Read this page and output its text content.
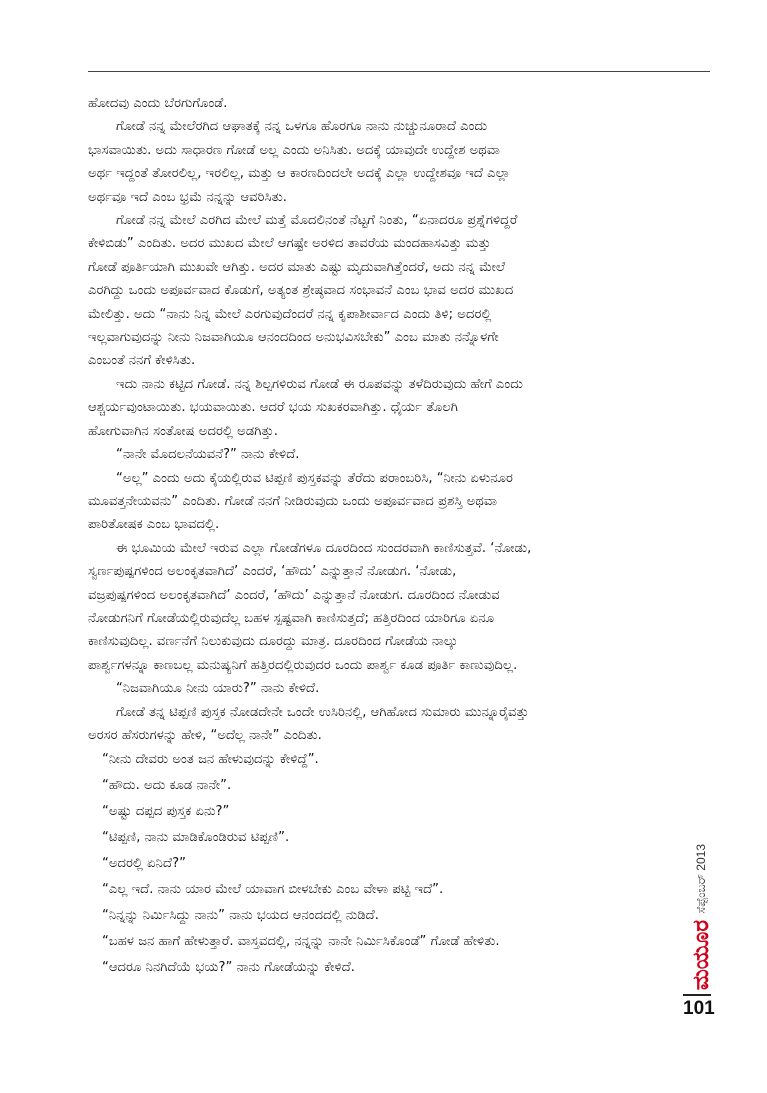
ಹೋದವು ಎಂದು ಬೆರಗುಗೊಂಡೆ.

ಗೋಡೆ ನನ್ನ ಮೇಲೆರಗಿದ ಆಘಾತಕ್ಕೆ ನನ್ನ ಒಳಗೂ ಹೊರಗೂ ನಾನು ನುಚ್ಚುನೂರಾದೆ ಎಂದು

ಭಾಸವಾಯಿತು. ಅದು ಸಾಧಾರಣ ಗೋಡೆ ಅಲ್ಲ ಎಂದು ಅನಿಸಿತು. ಅದಕ್ಕೆ ಯಾವುದೇ ಉದ್ದೇಶ ಅಥವಾ

ಅರ್ಥ ಇದ್ದಂತೆ ತೋರಲಿಲ್ಲ, ಇರಲಿಲ್ಲ, ಮತ್ತು ಆ ಕಾರಣದಿಂದಲೇ ಅದಕ್ಕೆ ಎಲ್ಲಾ ಉದ್ದೇಶವೂ ಇದೆ ಎಲ್ಲಾ

ಅರ್ಥವೂ ಇದೆ ಎಂಬ ಭ್ರಮೆ ನನ್ನನ್ನು ಆವರಿಸಿತು.

ಗೋಡೆ ನನ್ನ ಮೇಲೆ ಎರಗಿದ ಮೇಲೆ ಮತ್ತೆ ಮೊದಲಿನಂತೆ ನೆಟ್ಟಗೆ ನಿಂತು, “ಏನಾದರೂ ಪ್ರಶ್ನೆಗಳಿದ್ದರೆ

ಕೇಳಿಬಿಡು” ಎಂದಿತು. ಅದರ ಮುಖದ ಮೇಲೆ ಆಗಷ್ಟೇ ಅರಳಿದ ತಾವರೆಯ ಮಂದಹಾಸವಿತ್ತು ಮತ್ತು

ಗೋಡೆ ಪೂರ್ತಿಯಾಗಿ ಮುಖವೇ ಆಗಿತ್ತು. ಅದರ ಮಾತು ಎಷ್ಟು ಮೃದುವಾಗಿತ್ತೆಂದರೆ, ಅದು ನನ್ನ ಮೇಲೆ

ಎರಗಿದ್ದು ಒಂದು ಅಪೂರ್ವವಾದ ಕೊಡುಗೆ, ಅತ್ಯಂತ ಶ್ರೇಷ್ಠವಾದ ಸಂಭಾವನೆ ಎಂಬ ಭಾವ ಅದರ ಮುಖದ

ಮೇಲಿತ್ತು. ಅದು “ನಾನು ನಿನ್ನ ಮೇಲೆ ಎರಗುವುದೆಂದರೆ ನನ್ನ ಕೃಪಾಶೀರ್ವಾದ ಎಂದು ತಿಳಿ; ಅದರಲ್ಲಿ

ಇಲ್ಲವಾಗುವುದನ್ನು ನೀನು ನಿಜವಾಗಿಯೂ ಆನಂದದಿಂದ ಅನುಭವಿಸಬೇಕು” ಎಂಬ ಮಾತು ನನ್ನೊಳಗೇ

ಎಂಬಂತೆ ನನಗೆ ಕೇಳಿಸಿತು.

ಇದು ನಾನು ಕಟ್ಟಿದ ಗೋಡೆ. ನನ್ನ ಶಿಲ್ಪಗಳಿರುವ ಗೋಡೆ ಈ ರೂಪವನ್ನು ತಳೆದಿರುವುದು ಹೇಗೆ ಎಂದು

ಆಶ್ಚರ್ಯವುಂಟಾಯಿತು. ಭಯವಾಯಿತು. ಆದರೆ ಭಯ ಸುಖಕರವಾಗಿತ್ತು. ಧೈರ್ಯ ತೊಲಗಿ

ಹೋಗುವಾಗಿನ ಸಂತೋಷ ಅದರಲ್ಲಿ ಅಡಗಿತ್ತು.

“ನಾನೇ ಮೊದಲನೆಯವನೆ?” ನಾನು ಕೇಳಿದೆ.

“ಅಲ್ಲ” ಎಂದು ಅದು ಕೈಯಲ್ಲಿರುವ ಟಿಪ್ಪಣಿ ಪುಸ್ತಕವನ್ನು ತೆರೆದು ಪರಾಂಬರಿಸಿ, “ನೀನು ಏಳುನೂರ

ಮೂವತ್ತನೇಯವನು” ಎಂದಿತು. ಗೋಡೆ ನನಗೆ ನೀಡಿರುವುದು ಒಂದು ಅಪೂರ್ವವಾದ ಪ್ರಶಸ್ತಿ ಅಥವಾ

ಪಾರಿತೋಷಕ ಎಂಬ ಭಾವದಲ್ಲಿ.

ಈ ಭೂಮಿಯ ಮೇಲೆ ಇರುವ ಎಲ್ಲಾ ಗೋಡೆಗಳೂ ದೂರದಿಂದ ಸುಂದರವಾಗಿ ಕಾಣಿಸುತ್ತವೆ. ‘ನೋಡು,

ಸ್ವರ್ಣಪುಷ್ಪಗಳಿಂದ ಅಲಂಕೃತವಾಗಿದೆ’ ಎಂದರೆ, ‘ಹೌದು’ ಎನ್ನುತ್ತಾನೆ ನೋಡುಗ. ‘ನೋಡು,

ವಜ್ರಪುಷ್ಪಗಳಿಂದ ಅಲಂಕೃತವಾಗಿದೆ’ ಎಂದರೆ, ‘ಹೌದು’ ಎನ್ನುತ್ತಾನೆ ನೋಡುಗ. ದೂರದಿಂದ ನೋಡುವ

ನೋಡುಗನಿಗೆ ಗೋಡೆಯಲ್ಲಿರುವುದೆಲ್ಲ ಬಹಳ ಸ್ಪಷ್ಟವಾಗಿ ಕಾಣಿಸುತ್ತದೆ; ಹತ್ತಿರದಿಂದ ಯಾರಿಗೂ ಏನೂ

ಕಾಣಿಸುವುದಿಲ್ಲ. ವರ್ಣನೆಗೆ ನಿಲುಕುವುದು ದೂರದ್ದು ಮಾತ್ರ. ದೂರದಿಂದ ಗೋಡೆಯ ನಾಲ್ಕು

ಪಾರ್ಶ್ವಗಳನ್ನೂ ಕಾಣಬಲ್ಲ ಮನುಷ್ಯನಿಗೆ ಹತ್ತಿರದಲ್ಲಿರುವುದರ ಒಂದು ಪಾರ್ಶ್ವ ಕೂಡ ಪೂರ್ತಿ ಕಾಣುವುದಿಲ್ಲ.

“ನಿಜವಾಗಿಯೂ ನೀನು ಯಾರು?” ನಾನು ಕೇಳಿದೆ.

ಗೋಡೆ ತನ್ನ ಟಿಪ್ಪಣಿ ಪುಸ್ತಕ ನೋಡದೇನೇ ಒಂದೇ ಉಸಿರಿನಲ್ಲಿ, ಆಗಿಹೋದ ಸುಮಾರು ಮುನ್ನೂರೈವತ್ತು

ಅರಸರ ಹೆಸರುಗಳನ್ನು ಹೇಳಿ, “ಅದೆಲ್ಲ ನಾನೇ” ಎಂದಿತು.

“ನೀನು ದೇವರು ಅಂತ ಜನ ಹೇಳುವುದನ್ನು ಕೇಳಿದ್ದೆ”.

“ಹೌದು. ಅದು ಕೂಡ ನಾನೇ”.

“ಅಷ್ಟು ದಪ್ಪದ ಪುಸ್ತಕ ಏನು?”

“ಟಿಪ್ಪಣಿ, ನಾನು ಮಾಡಿಕೊಂಡಿರುವ ಟಿಪ್ಪಣಿ”.

“ಅದರಲ್ಲಿ ಏನಿದೆ?”

“ಎಲ್ಲ ಇದೆ. ನಾನು ಯಾರ ಮೇಲೆ ಯಾವಾಗ ಬೀಳಬೇಕು ಎಂಬ ವೇಳಾ ಪಟ್ಟಿ ಇದೆ”.

“ನಿನ್ನನ್ನು ನಿರ್ಮಿಸಿದ್ದು ನಾನು” ನಾನು ಭಯದ ಆನಂದದಲ್ಲಿ ನುಡಿದೆ.

“ಬಹಳ ಜನ ಹಾಗೆ ಹೇಳುತ್ತಾರೆ. ವಾಸ್ತವದಲ್ಲಿ, ನನ್ನನ್ನು ನಾನೇ ನಿರ್ಮಿಸಿಕೊಂಡೆ” ಗೋಡೆ ಹೇಳಿತು.

“ಆದರೂ ನಿನಗಿದೆಯೆ ಭಯ?” ನಾನು ಗೋಡೆಯನ್ನು ಕೇಳಿದೆ.

ಸೆಪ್ಟೆಂಬರ್ 2013
ಮಯೂರ
101
